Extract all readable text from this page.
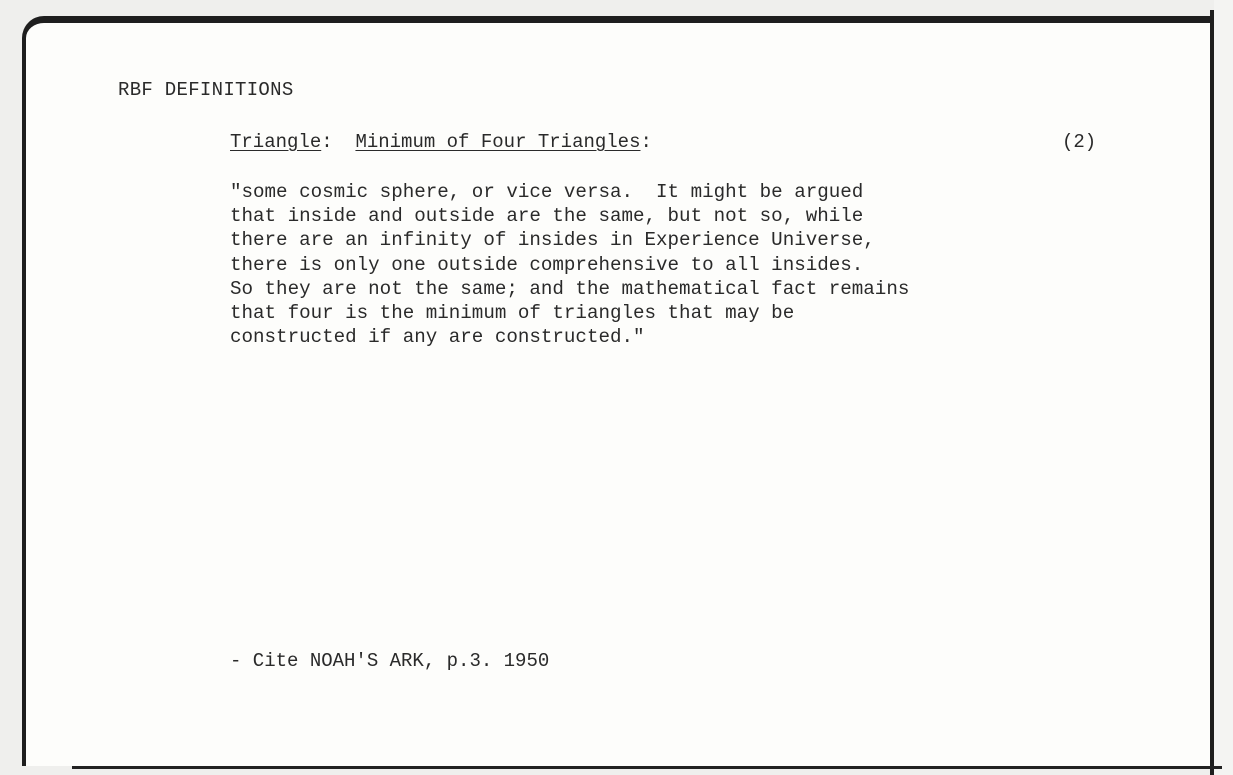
RBF DEFINITIONS
Triangle: Minimum of Four Triangles:	(2)

"some cosmic sphere, or vice versa.  It might be argued
that inside and outside are the same, but not so, while
there are an infinity of insides in Experience Universe,
there is only one outside comprehensive to all insides.
So they are not the same; and the mathematical fact remains
that four is the minimum of triangles that may be
constructed if any are constructed."

- Cite NOAH'S ARK, p.3. 1950
